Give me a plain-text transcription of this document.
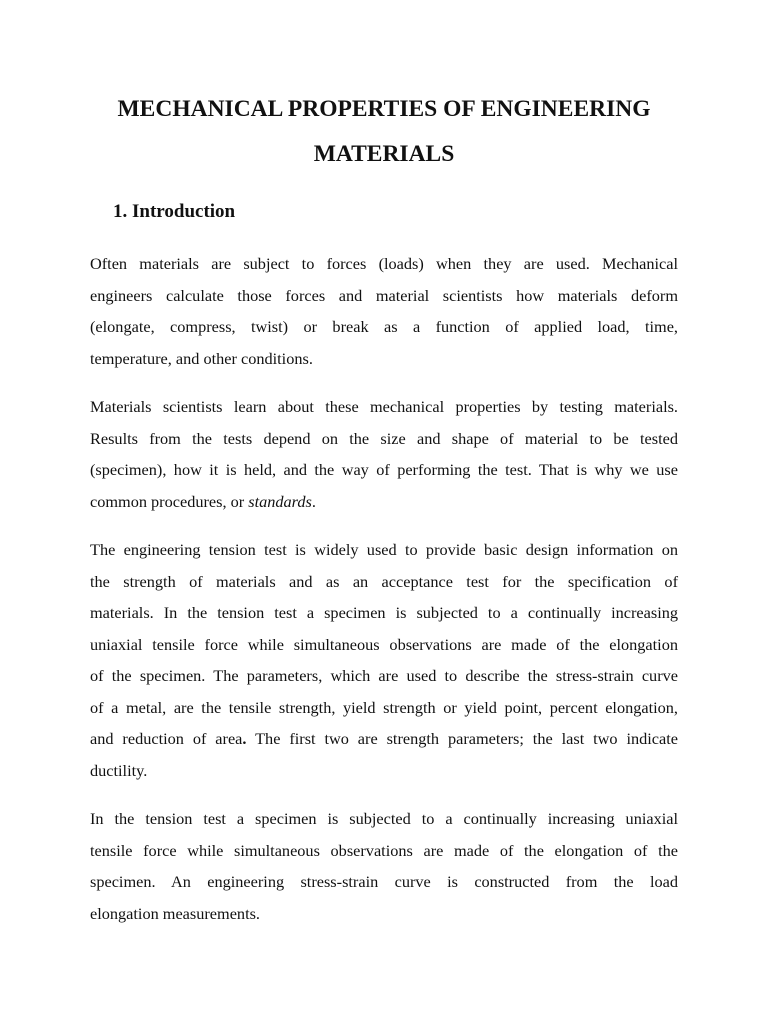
MECHANICAL PROPERTIES OF ENGINEERING
MATERIALS
1. Introduction
Often materials are subject to forces (loads) when they are used. Mechanical
engineers calculate those forces and material scientists how materials deform
(elongate, compress, twist) or break as a function of applied load, time,
temperature, and other conditions.
Materials scientists learn about these mechanical properties by testing materials.
Results from the tests depend on the size and shape of material to be tested
(specimen), how it is held, and the way of performing the test. That is why we use
common procedures, or standards.
The engineering tension test is widely used to provide basic design information on
the strength of materials and as an acceptance test for the specification of
materials. In the tension test a specimen is subjected to a continually increasing
uniaxial tensile force while simultaneous observations are made of the elongation
of the specimen. The parameters, which are used to describe the stress-strain curve
of a metal, are the tensile strength, yield strength or yield point, percent elongation,
and reduction of area. The first two are strength parameters; the last two indicate
ductility.
In the tension test a specimen is subjected to a continually increasing uniaxial
tensile force while simultaneous observations are made of the elongation of the
specimen. An engineering stress-strain curve is constructed from the load
elongation measurements.
